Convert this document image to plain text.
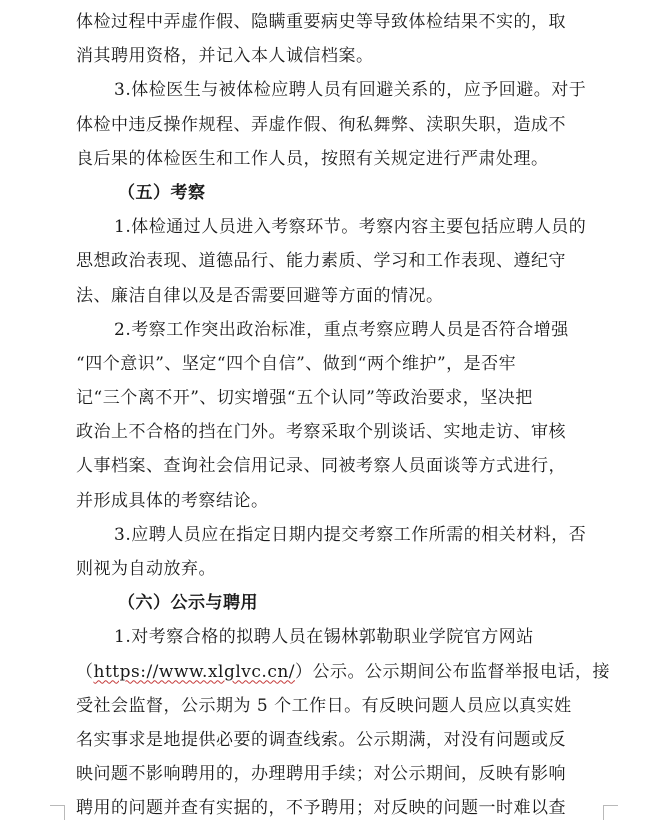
体检过程中弄虚作假、隐瞒重要病史等导致体检结果不实的，取
消其聘用资格，并记入本人诚信档案。
3.体检医生与被体检应聘人员有回避关系的，应予回避。对于
体检中违反操作规程、弄虚作假、徇私舞弊、渎职失职，造成不
良后果的体检医生和工作人员，按照有关规定进行严肃处理。
（五）考察
1.体检通过人员进入考察环节。考察内容主要包括应聘人员的
思想政治表现、道德品行、能力素质、学习和工作表现、遵纪守
法、廉洁自律以及是否需要回避等方面的情况。
2.考察工作突出政治标准，重点考察应聘人员是否符合增强
“四个意识”、坚定“四个自信”、做到“两个维护”，是否牢
记“三个离不开”、切实增强“五个认同”等政治要求，坚决把
政治上不合格的挡在门外。考察采取个别谈话、实地走访、审核
人事档案、查询社会信用记录、同被考察人员面谈等方式进行，
并形成具体的考察结论。
3.应聘人员应在指定日期内提交考察工作所需的相关材料，否
则视为自动放弃。
（六）公示与聘用
1.对考察合格的拟聘人员在锡林郭勒职业学院官方网站
（https://www.xlglvc.cn/）公示。公示期间公布监督举报电话，接
受社会监督，公示期为 5 个工作日。有反映问题人员应以真实姓
名实事求是地提供必要的调查线索。公示期满，对没有问题或反
映问题不影响聘用的，办理聘用手续；对公示期间，反映有影响
聘用的问题并查有实据的，不予聘用；对反映的问题一时难以查
